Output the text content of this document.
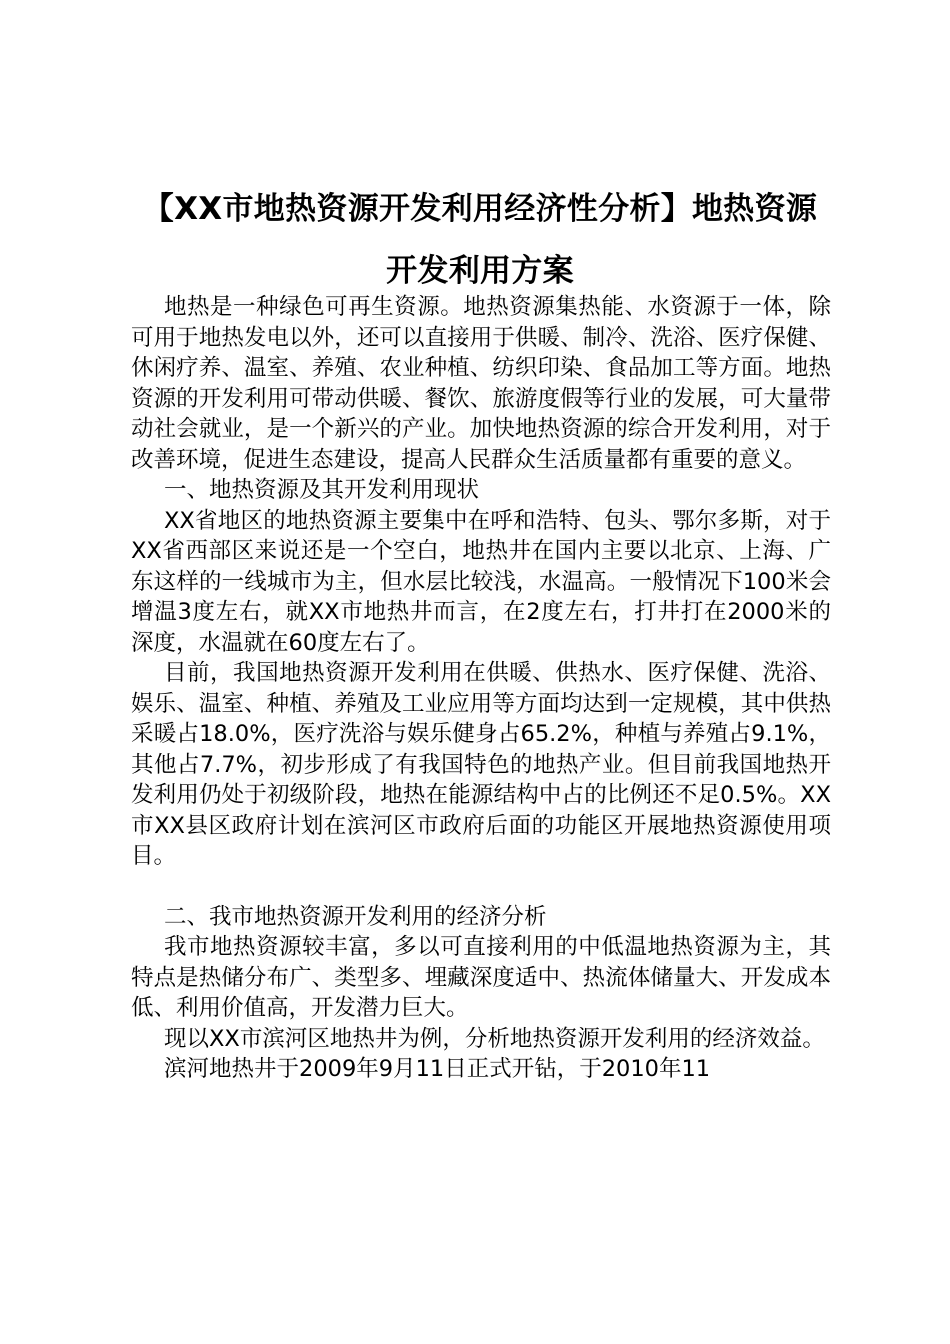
【XX市地热资源开发利用经济性分析】地热资源开发利用方案

地热是一种绿色可再生资源。地热资源集热能、水资源于一体，除可用于地热发电以外，还可以直接用于供暖、制冷、洗浴、医疗保健、休闲疗养、温室、养殖、农业种植、纺织印染、食品加工等方面。地热资源的开发利用可带动供暖、餐饮、旅游度假等行业的发展，可大量带动社会就业，是一个新兴的产业。加快地热资源的综合开发利用，对于改善环境，促进生态建设，提高人民群众生活质量都有重要的意义。

一、地热资源及其开发利用现状

XX省地区的地热资源主要集中在呼和浩特、包头、鄂尔多斯，对于XX省西部区来说还是一个空白，地热井在国内主要以北京、上海、广东这样的一线城市为主，但水层比较浅，水温高。一般情况下100米会增温3度左右，就XX市地热井而言，在2度左右，打井打在2000米的深度，水温就在60度左右了。

目前，我国地热资源开发利用在供暖、供热水、医疗保健、洗浴、娱乐、温室、种植、养殖及工业应用等方面均达到一定规模，其中供热采暖占18.0%，医疗洗浴与娱乐健身占65.2%，种植与养殖占9.1%，其他占7.7%，初步形成了有我国特色的地热产业。但目前我国地热开发利用仍处于初级阶段，地热在能源结构中占的比例还不足0.5%。XX市XX县区政府计划在滨河区市政府后面的功能区开展地热资源使用项目。

二、我市地热资源开发利用的经济分析

我市地热资源较丰富，多以可直接利用的中低温地热资源为主，其特点是热储分布广、类型多、埋藏深度适中、热流体储量大、开发成本低、利用价值高，开发潜力巨大。

现以XX市滨河区地热井为例，分析地热资源开发利用的经济效益。

滨河地热井于2009年9月11日正式开钻，于2010年11
